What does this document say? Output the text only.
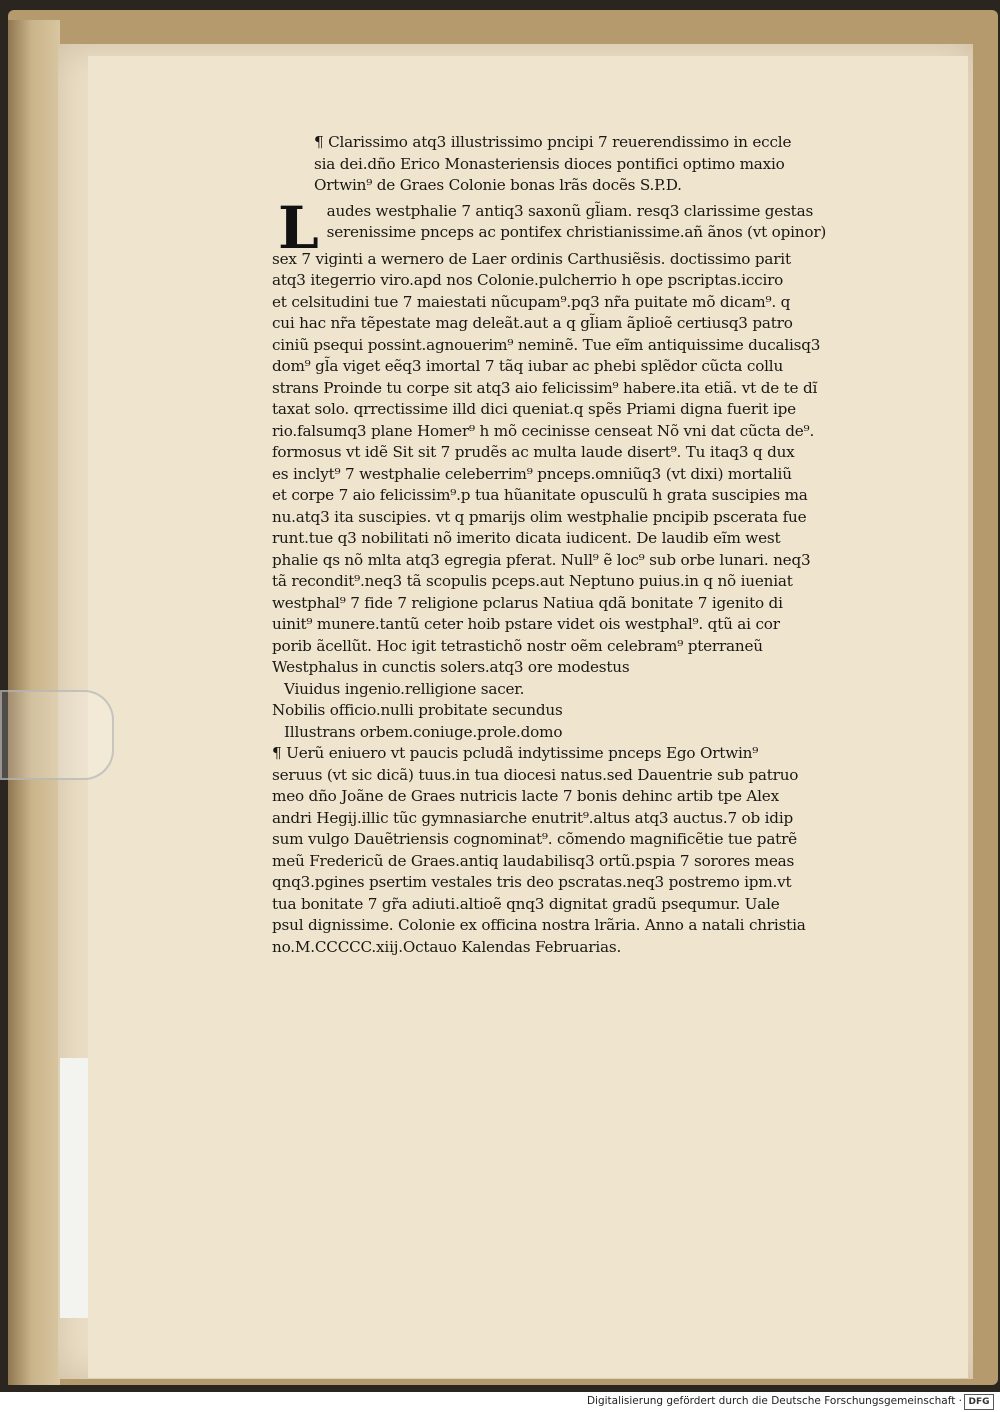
¶ Clarissimo atq3 illustrissimo pncipi 7 reuerendissimo in eccle
sia dei.dño Erico Monasteriensis dioces pontifici optimo maxio
Ortwin⁹ de Graes Colonie bonas lrãs docẽs S.P.D.
L audes westphalie 7 antiq3 saxonũ gl̃iam. resq3 clarissime gestas
serenissime pnceps ac pontifex christianissime.añ ãnos (vt opinor)
sex 7 viginti a wernero de Laer ordinis Carthusiẽsis. doctissimo parit
atq3 itegerrio viro.apd nos Colonie.pulcherrio h ope pscriptas.icciro
et celsitudini tue 7 maiestati nũcupam⁹.pq3 nr̃a puitate mõ dicam⁹. q
cui hac nr̃a tẽpestate mag deleãt.aut a q gl̃iam ãplioẽ certiusq3 patro
ciniũ psequi possint.agnouerim⁹ neminẽ. Tue eĩm antiquissime ducalisq3
dom⁹ gl̃a viget eẽq3 imortal 7 tãq iubar ac phebi splẽdor cũcta collu
strans Proinde tu corpe sit atq3 aio felicissim⁹ habere.ita etiã. vt de te dĩ
taxat solo. qrrectissime illd dici queniat.q spẽs Priami digna fuerit ipe
rio.falsumq3 plane Homer⁹ h mõ cecinisse censeat Nõ vni dat cũcta de⁹.
formosus vt idẽ Sit sit 7 prudẽs ac multa laude disert⁹. Tu itaq3 q dux
es inclyt⁹ 7 westphalie celeberrim⁹ pnceps.omniũq3 (vt dixi) mortaliũ
et corpe 7 aio felicissim⁹.p tua hũanitate opusculũ h grata suscipies ma
nu.atq3 ita suscipies. vt q pmarijs olim westphalie pncipib pscerata fue
runt.tue q3 nobilitati nõ imerito dicata iudicent. De laudib eĩm west
phalie qs nõ mlta atq3 egregia pferat. Null⁹ ẽ loc⁹ sub orbe lunari. neq3
tã recondit⁹.neq3 tã scopulis pceps.aut Neptuno puius.in q nõ iueniat
westphal⁹ 7 fide 7 religione pclarus Natiua qdã bonitate 7 igenito di
uinit⁹ munere.tantũ ceter hoib pstare videt ois westphal⁹. qtũ ai cor
porib ãcellũt. Hoc igit tetrastichõ nostr oẽm celebram⁹ pterraneũ
Westphalus in cunctis solers.atq3 ore modestus
Viuidus ingenio.relligione sacer.
Nobilis officio.nulli probitate secundus
Illustrans orbem.coniuge.prole.domo
¶ Uerũ eniuero vt paucis pcludã indytissime pnceps Ego Ortwin⁹
seruus (vt sic dicã) tuus.in tua diocesi natus.sed Dauentrie sub patruo
meo dño Joãne de Graes nutricis lacte 7 bonis dehinc artib tpe Alex
andri Hegij.illic tũc gymnasiarche enutrit⁹.altus atq3 auctus.7 ob idip
sum vulgo Dauẽtriensis cognominat⁹. cõmendo magnificẽtie tue patrẽ
meũ Fredericũ de Graes.antiq laudabilisq3 ortũ.pspia 7 sorores meas
qnq3.pgines psertim vestales tris deo pscratas.neq3 postremo ipm.vt
tua bonitate 7 gr̃a adiuti.altioẽ qnq3 dignitat gradũ psequmur. Uale
psul dignissime. Colonie ex officina nostra lrãria. Anno a natali christia
no.M.CCCCC.xiij.Octauo Kalendas Februarias.
Digitalisierung gefördert durch die Deutsche Forschungsgemeinschaft · DFG
